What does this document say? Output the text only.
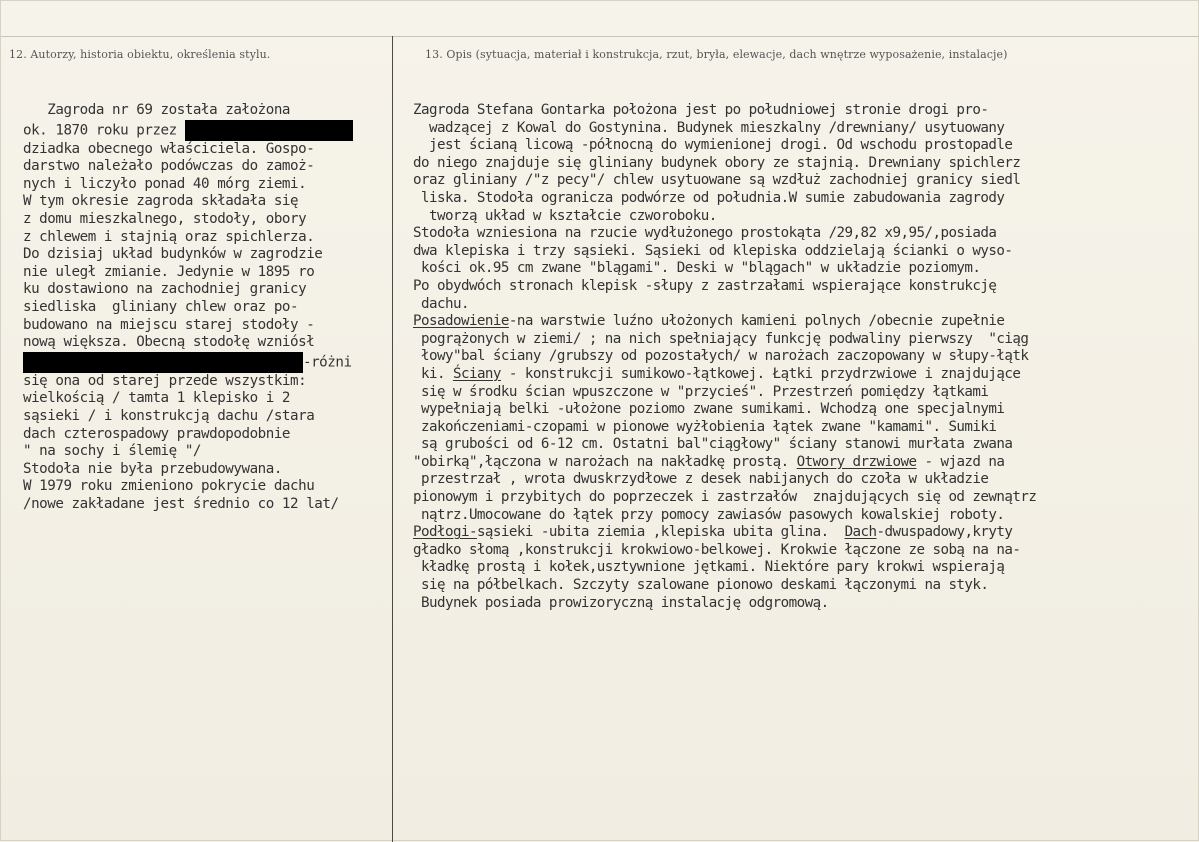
12. Autorzy, historia obiektu, określenia stylu.	13. Opis (sytuacja, materiał i konstrukcja, rzut, bryła, elewacje, dach wnętrze wyposażenie, instalacje)
Zagroda nr 69 została założona
ok. 1870 roku przez
dziadka obecnego właściciela. Gospo-
darstwo należało podówczas do zamoż-
nych i liczyło ponad 40 mórg ziemi.
W tym okresie zagroda składała się
z domu mieszkalnego, stodoły, obory
z chlewem i stajnią oraz spichlerza.
Do dzisiaj układ budynków w zagrodzie
nie uległ zmianie. Jedynie w 1895 ro
ku dostawiono na zachodniej granicy
siedliska  gliniany chlew oraz po-
budowano na miejscu starej stodoły -
nową większa. Obecną stodołę wzniósł
-różni
się ona od starej przede wszystkim:
wielkością / tamta 1 klepisko i 2
sąsieki / i konstrukcją dachu /stara
dach czterospadowy prawdopodobnie
" na sochy i ślemię "/
Stodoła nie była przebudowywana.
W 1979 roku zmieniono pokrycie dachu
/nowe zakładane jest średnio co 12 lat/
Zagroda Stefana Gontarka położona jest po południowej stronie drogi pro-
wadzącej z Kowal do Gostynina. Budynek mieszkalny /drewniany/ usytuowany
jest ścianą licową -północną do wymienionej drogi. Od wschodu prostopadle
do niego znajduje się gliniany budynek obory ze stajnią. Drewniany spichlerz
oraz gliniany /"z pecy"/ chlew usytuowane są wzdłuż zachodniej granicy siedl
liska. Stodoła ogranicza podwórze od południa.W sumie zabudowania zagrody
tworzą układ w kształcie czworoboku.
Stodoła wzniesiona na rzucie wydłużonego prostokąta /29,82 x9,95/,posiada
dwa klepiska i trzy sąsieki. Sąsieki od klepiska oddzielają ścianki o wyso-
kości ok.95 cm zwane "blągami". Deski w "blągach" w układzie poziomym.
Po obydwóch stronach klepisk -słupy z zastrzałami wspierające konstrukcję
dachu.
Posadowienie-na warstwie luźno ułożonych kamieni polnych /obecnie zupełnie
pogrążonych w ziemi/ ; na nich spełniający funkcję podwaliny pierwszy  "ciąg
łowy"bal ściany /grubszy od pozostałych/ w narożach zaczopowany w słupy-łątk
ki. Ściany - konstrukcji sumikowo-łątkowej. Łątki przydrzwiowe i znajdujące
się w środku ścian wpuszczone w "przycieś". Przestrzeń pomiędzy łątkami
wypełniają belki -ułożone poziomo zwane sumikami. Wchodzą one specjalnymi
zakończeniami-czopami w pionowe wyżłobienia łątek zwane "kamami". Sumiki
są grubości od 6-12 cm. Ostatni bal"ciągłowy" ściany stanowi murłata zwana
"obirką",łączona w narożach na nakładkę prostą. Otwory drzwiowe - wjazd na
przestrzał , wrota dwuskrzydłowe z desek nabijanych do czoła w układzie
pionowym i przybitych do poprzeczek i zastrzałów  znajdujących się od zewnątrz
nątrz.Umocowane do łątek przy pomocy zawiasów pasowych kowalskiej roboty.
Podłogi-sąsieki -ubita ziemia ,klepiska ubita glina.  Dach-dwuspadowy,kryty
gładko słomą ,konstrukcji krokwiowo-belkowej. Krokwie łączone ze sobą na na-
kładkę prostą i kołek,usztywnione jętkami. Niektóre pary krokwi wspierają
się na półbelkach. Szczyty szalowane pionowo deskami łączonymi na styk.
Budynek posiada prowizoryczną instalację odgromową.
